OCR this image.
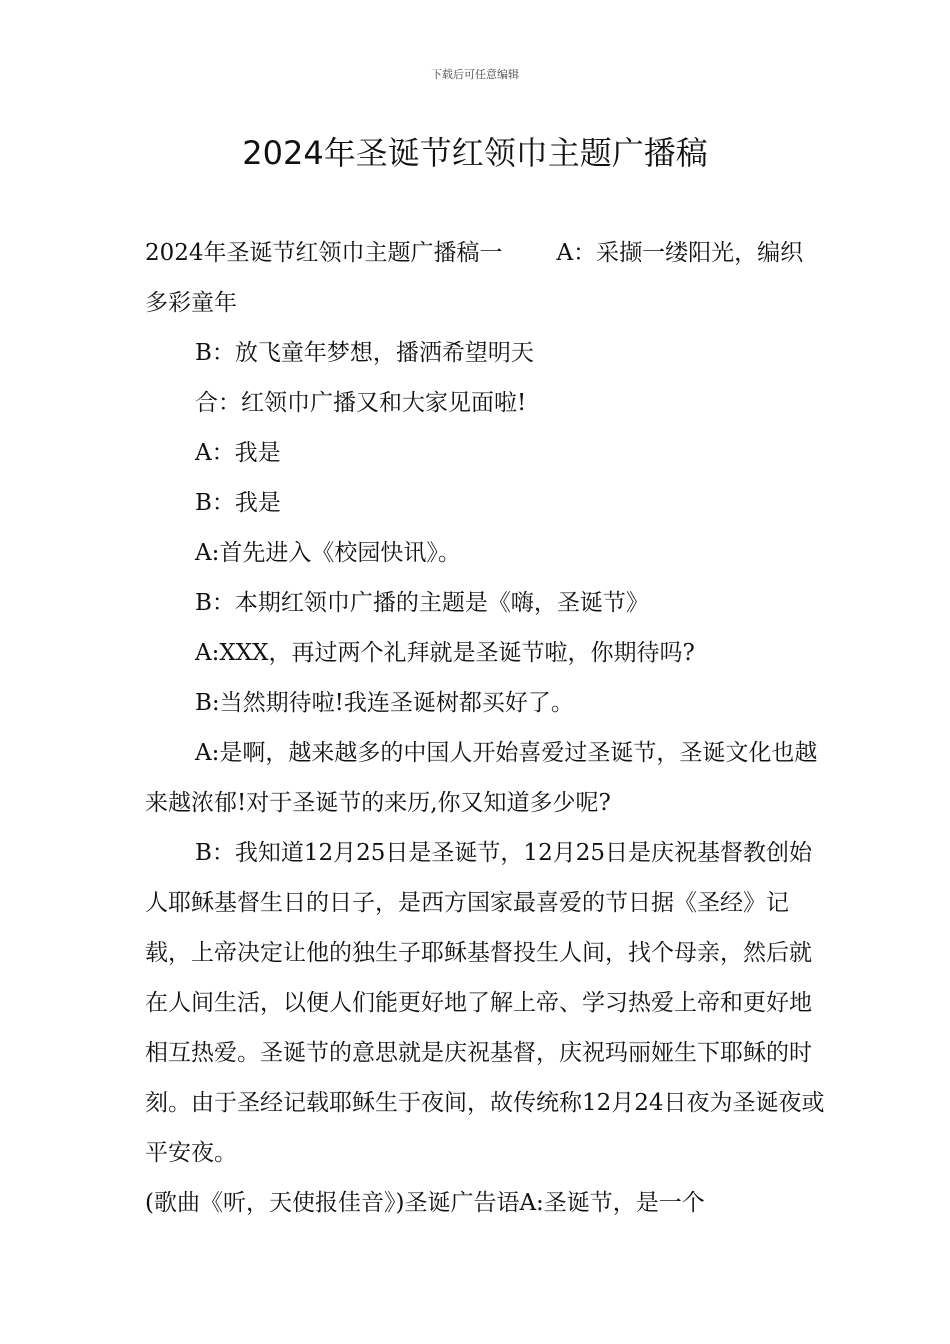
下载后可任意编辑
2024年圣诞节红领巾主题广播稿

2024年圣诞节红领巾主题广播稿一 A：采撷一缕阳光，编织多彩童年

B：放飞童年梦想，播洒希望明天

合：红领巾广播又和大家见面啦!

A：我是

B：我是

A:首先进入《校园快讯》。

B：本期红领巾广播的主题是《嗨，圣诞节》

A:XXX，再过两个礼拜就是圣诞节啦，你期待吗?

B:当然期待啦!我连圣诞树都买好了。

A:是啊，越来越多的中国人开始喜爱过圣诞节，圣诞文化也越来越浓郁!对于圣诞节的来历,你又知道多少呢?

B：我知道12月25日是圣诞节，12月25日是庆祝基督教创始人耶稣基督生日的日子，是西方国家最喜爱的节日据《圣经》记载，上帝决定让他的独生子耶稣基督投生人间，找个母亲，然后就在人间生活，以便人们能更好地了解上帝、学习热爱上帝和更好地相互热爱。圣诞节的意思就是庆祝基督，庆祝玛丽娅生下耶稣的时刻。由于圣经记载耶稣生于夜间，故传统称12月24日夜为圣诞夜或平安夜。

(歌曲《听，天使报佳音》)圣诞广告语A:圣诞节，是一个
